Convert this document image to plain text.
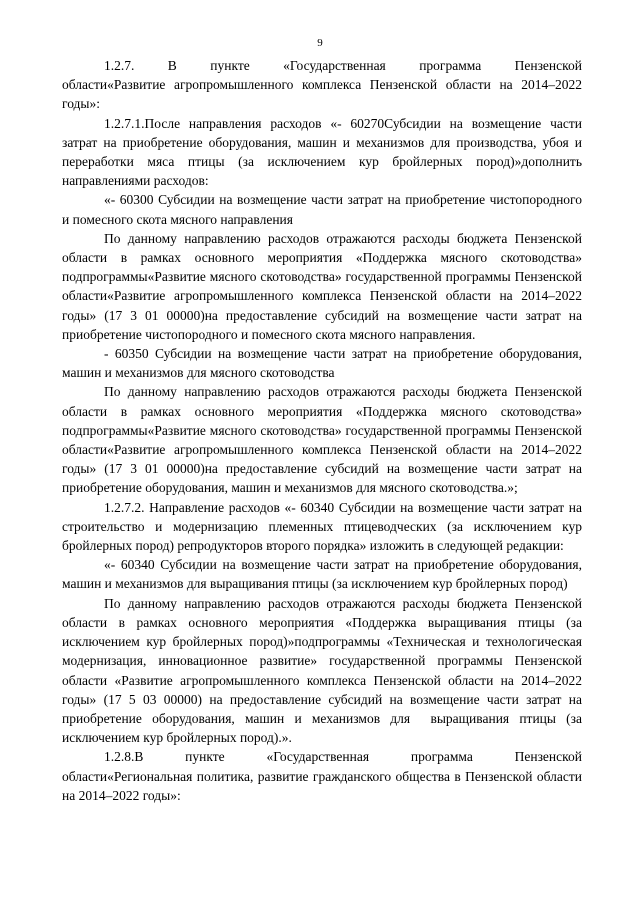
9

1.2.7.      В      пункте      «Государственная      программа      Пензенской области«Развитие агропромышленного комплекса Пензенской области на 2014–2022 годы»:

1.2.7.1.После направления расходов «- 60270Субсидии на возмещение части затрат на приобретение оборудования, машин и механизмов для производства, убоя и переработки мяса птицы (за исключением кур бройлерных пород)»дополнить направлениями расходов:

«- 60300 Субсидии на возмещение части затрат на приобретение чистопородного и помесного скота мясного направления

По данному направлению расходов отражаются расходы бюджета Пензенской области в рамках основного мероприятия «Поддержка мясного скотоводства» подпрограммы«Развитие мясного скотоводства» государственной программы Пензенской области«Развитие агропромышленного комплекса Пензенской области на 2014–2022 годы» (17 3 01 00000)на предоставление субсидий на возмещение части затрат на приобретение чистопородного и помесного скота мясного направления.

- 60350 Субсидии на возмещение части затрат на приобретение оборудования, машин и механизмов для мясного скотоводства

По данному направлению расходов отражаются расходы бюджета Пензенской области в рамках основного мероприятия «Поддержка мясного скотоводства» подпрограммы«Развитие мясного скотоводства» государственной программы Пензенской области«Развитие агропромышленного комплекса Пензенской области на 2014–2022 годы» (17 3 01 00000)на предоставление субсидий на возмещение части затрат на приобретение оборудования, машин и механизмов для мясного скотоводства.»;

1.2.7.2. Направление расходов «- 60340 Субсидии на возмещение части затрат на строительство и модернизацию племенных птицеводческих (за исключением кур бройлерных пород) репродукторов второго порядка» изложить в следующей редакции:

«- 60340 Субсидии на возмещение части затрат на приобретение оборудования, машин и механизмов для выращивания птицы (за исключением кур бройлерных пород)

По данному направлению расходов отражаются расходы бюджета Пензенской области в рамках основного мероприятия «Поддержка выращивания птицы (за исключением кур бройлерных пород)»подпрограммы «Техническая и технологическая модернизация, инновационное развитие» государственной программы Пензенской области «Развитие агропромышленного комплекса Пензенской области на 2014–2022 годы» (17 5 03 00000) на предоставление субсидий на возмещение части затрат на приобретение оборудования, машин и механизмов для  выращивания птицы (за исключением кур бройлерных пород).».

1.2.8.В        пункте        «Государственная        программа        Пензенской области«Региональная политика, развитие гражданского общества в Пензенской области на 2014–2022 годы»:
